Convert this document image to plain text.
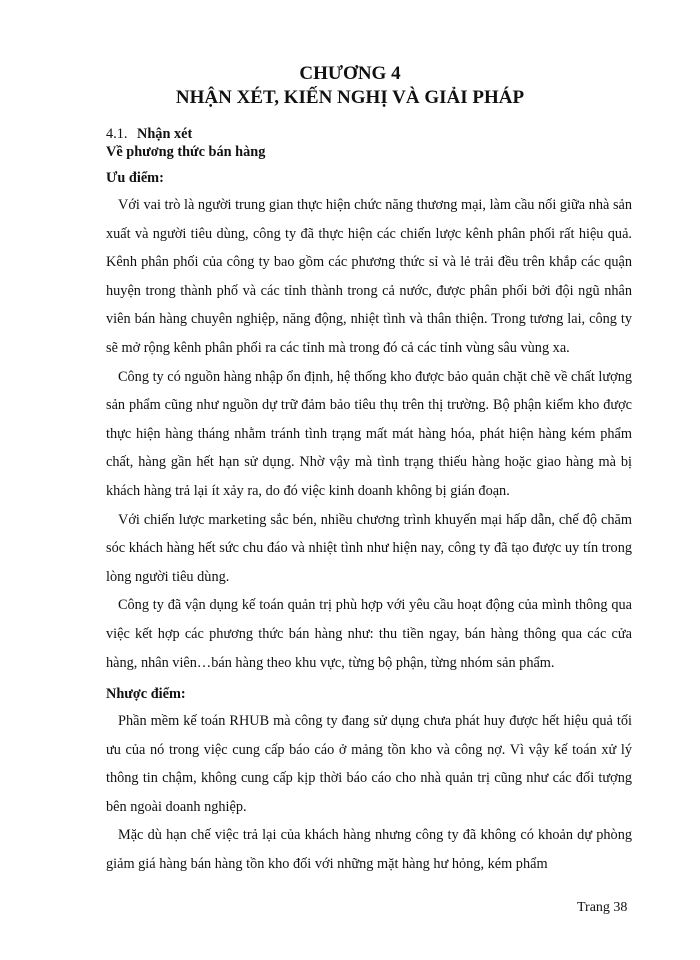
CHƯƠNG 4
NHẬN XÉT, KIẾN NGHỊ VÀ GIẢI PHÁP
4.1. Nhận xét
Về phương thức bán hàng
Ưu điểm:

Với vai trò là người trung gian thực hiện chức năng thương mại, làm cầu nối giữa nhà sản xuất và người tiêu dùng, công ty đã thực hiện các chiến lược kênh phân phối rất hiệu quả. Kênh phân phối của công ty bao gồm các phương thức sỉ và lẻ trải đều trên khắp các quận huyện trong thành phố và các tỉnh thành trong cả nước, được phân phối bởi đội ngũ nhân viên bán hàng chuyên nghiệp, năng động, nhiệt tình và thân thiện. Trong tương lai, công ty sẽ mở rộng kênh phân phối ra các tỉnh mà trong đó cả các tỉnh vùng sâu vùng xa.

Công ty có nguồn hàng nhập ổn định, hệ thống kho được bảo quản chặt chẽ về chất lượng sản phẩm cũng như nguồn dự trữ đảm bảo tiêu thụ trên thị trường. Bộ phận kiểm kho được thực hiện hàng tháng nhằm tránh tình trạng mất mát hàng hóa, phát hiện hàng kém phẩm chất, hàng gần hết hạn sử dụng. Nhờ vậy mà tình trạng thiếu hàng hoặc giao hàng mà bị khách hàng trả lại ít xảy ra, do đó việc kinh doanh không bị gián đoạn.

Với chiến lược marketing sắc bén, nhiều chương trình khuyến mại hấp dẫn, chế độ chăm sóc khách hàng hết sức chu đáo và nhiệt tình như hiện nay, công ty đã tạo được uy tín trong lòng người tiêu dùng.

Công ty đã vận dụng kế toán quản trị phù hợp với yêu cầu hoạt động của mình thông qua việc kết hợp các phương thức bán hàng như: thu tiền ngay, bán hàng thông qua các cửa hàng, nhân viên…bán hàng theo khu vực, từng bộ phận, từng nhóm sản phẩm.

Nhược điểm:

Phần mềm kế toán RHUB mà công ty đang sử dụng chưa phát huy được hết hiệu quả tối ưu của nó trong việc cung cấp báo cáo ở mảng tồn kho và công nợ. Vì vậy kế toán xử lý thông tin chậm, không cung cấp kịp thời báo cáo cho nhà quản trị cũng như các đối tượng bên ngoài doanh nghiệp.

Mặc dù hạn chế việc trả lại của khách hàng nhưng công ty đã không có khoản dự phòng giảm giá hàng bán hàng tồn kho đối với những mặt hàng hư hỏng, kém phẩm

Trang 38
